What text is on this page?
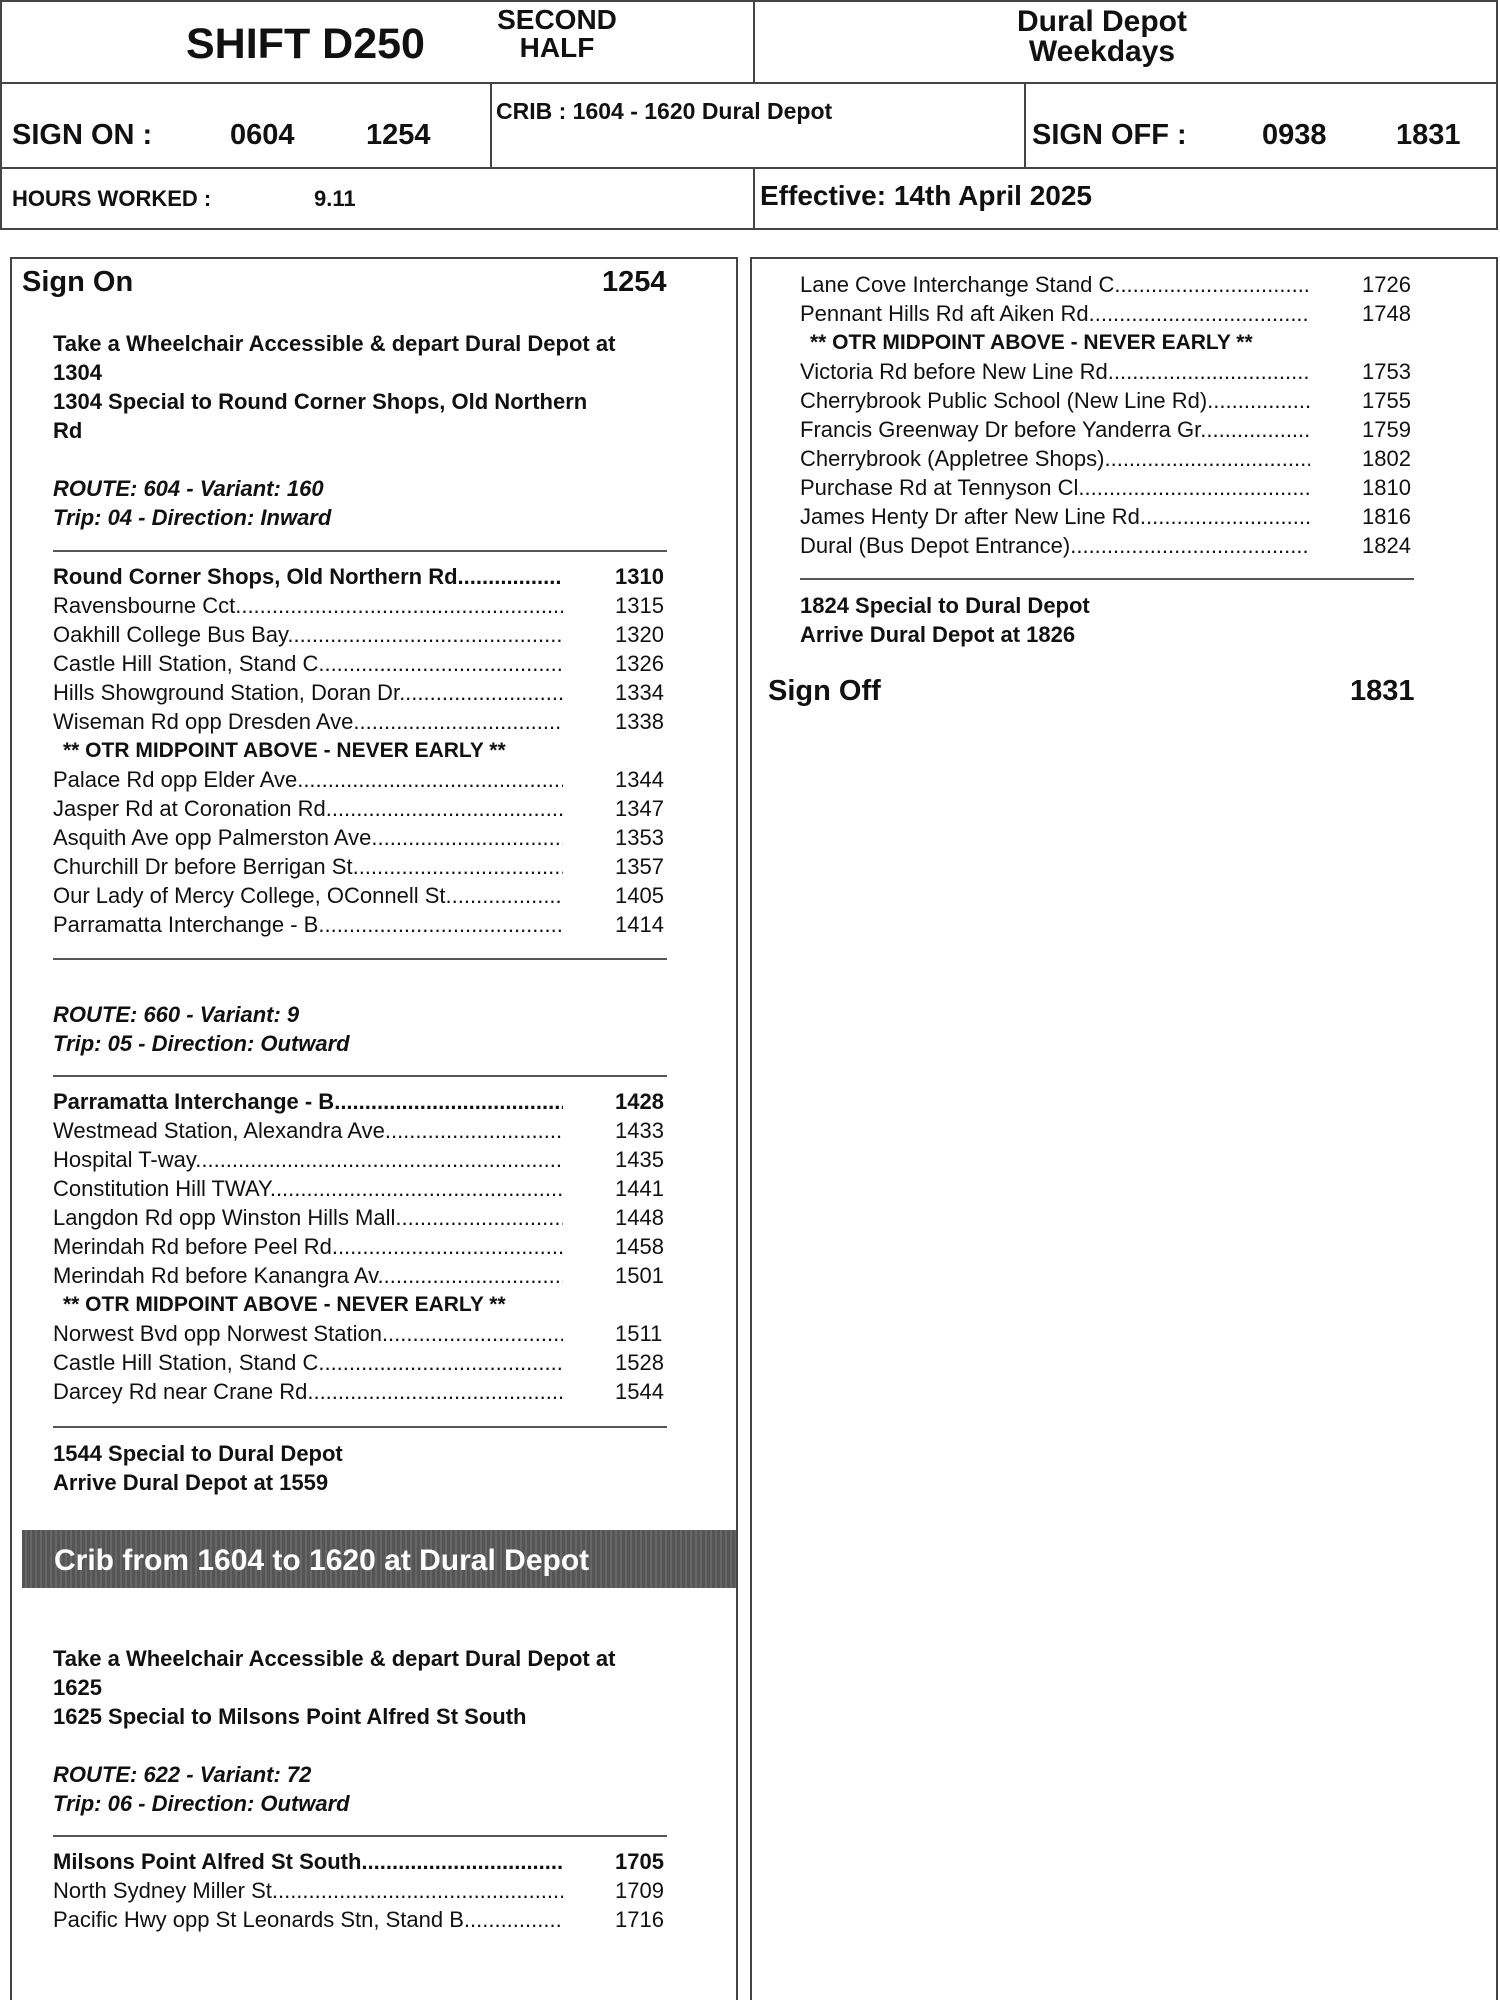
SHIFT D250
SECOND
HALF
Dural Depot
Weekdays
SIGN ON :	0604 1254
CRIB : 1604 - 1620 Dural Depot
SIGN OFF :	0938 1831
HOURS WORKED :	9.11	Effective: 14th April 2025
Sign On	1254
Take a Wheelchair Accessible & depart Dural Depot at
1304
1304 Special to Round Corner Shops, Old Northern
Rd
ROUTE: 604 - Variant: 160
Trip: 04 - Direction: Inward
Round Corner Shops, Old Northern Rd .....	1310
Ravensbourne Cct .....	1315
Oakhill College Bus Bay .....	1320
Castle Hill Station, Stand C .....	1326
Hills Showground Station, Doran Dr .....	1334
Wiseman Rd opp Dresden Ave .....	1338
** OTR MIDPOINT ABOVE - NEVER EARLY **
Palace Rd opp Elder Ave .....	1344
Jasper Rd at Coronation Rd .....	1347
Asquith Ave opp Palmerston Ave .....	1353
Churchill Dr before Berrigan St .....	1357
Our Lady of Mercy College, OConnell St .....	1405
Parramatta Interchange - B .....	1414
ROUTE: 660 - Variant: 9
Trip: 05 - Direction: Outward
Parramatta Interchange - B .....	1428
Westmead Station, Alexandra Ave .....	1433
Hospital T-way .....	1435
Constitution Hill TWAY .....	1441
Langdon Rd opp Winston Hills Mall .....	1448
Merindah Rd before Peel Rd .....	1458
Merindah Rd before Kanangra Av .....	1501
** OTR MIDPOINT ABOVE - NEVER EARLY **
Norwest Bvd opp Norwest Station .....	1511
Castle Hill Station, Stand C .....	1528
Darcey Rd near Crane Rd .....	1544
1544 Special to Dural Depot
Arrive Dural Depot at 1559
Crib from 1604 to 1620 at Dural Depot
Take a Wheelchair Accessible & depart Dural Depot at
1625
1625 Special to Milsons Point Alfred St South
ROUTE: 622 - Variant: 72
Trip: 06 - Direction: Outward
Milsons Point Alfred St South .....	1705
North Sydney Miller St .....	1709
Pacific Hwy opp St Leonards Stn, Stand B .....	1716
Lane Cove Interchange Stand C .....	1726
Pennant Hills Rd aft Aiken Rd .....	1748
** OTR MIDPOINT ABOVE - NEVER EARLY **
Victoria Rd before New Line Rd .....	1753
Cherrybrook Public School (New Line Rd) .....	1755
Francis Greenway Dr before Yanderra Gr .....	1759
Cherrybrook (Appletree Shops) .....	1802
Purchase Rd at Tennyson Cl .....	1810
James Henty Dr after New Line Rd .....	1816
Dural (Bus Depot Entrance) .....	1824
1824 Special to Dural Depot
Arrive Dural Depot at 1826
Sign Off	1831
